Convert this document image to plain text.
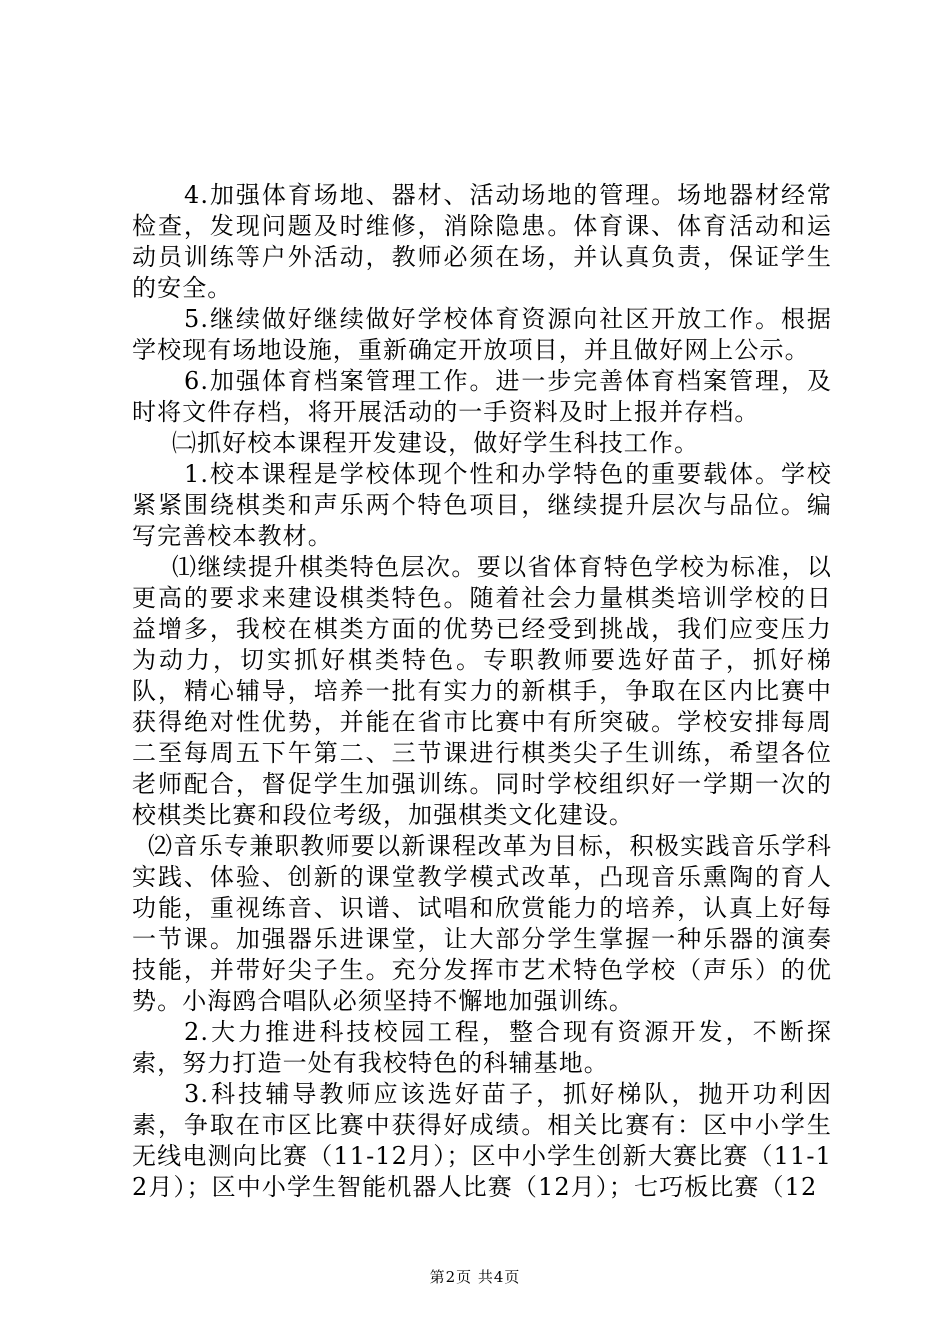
4.加强体育场地、器材、活动场地的管理。场地器材经常检查，发现问题及时维修，消除隐患。体育课、体育活动和运动员训练等户外活动，教师必须在场，并认真负责，保证学生的安全。

5.继续做好继续做好学校体育资源向社区开放工作。根据学校现有场地设施，重新确定开放项目，并且做好网上公示。

6.加强体育档案管理工作。进一步完善体育档案管理，及时将文件存档，将开展活动的一手资料及时上报并存档。

㈡抓好校本课程开发建设，做好学生科技工作。

1.校本课程是学校体现个性和办学特色的重要载体。学校紧紧围绕棋类和声乐两个特色项目，继续提升层次与品位。编写完善校本教材。

⑴继续提升棋类特色层次。要以省体育特色学校为标准，以更高的要求来建设棋类特色。随着社会力量棋类培训学校的日益增多，我校在棋类方面的优势已经受到挑战，我们应变压力为动力，切实抓好棋类特色。专职教师要选好苗子，抓好梯队，精心辅导，培养一批有实力的新棋手，争取在区内比赛中获得绝对性优势，并能在省市比赛中有所突破。学校安排每周二至每周五下午第二、三节课进行棋类尖子生训练，希望各位老师配合，督促学生加强训练。同时学校组织好一学期一次的校棋类比赛和段位考级，加强棋类文化建设。

⑵音乐专兼职教师要以新课程改革为目标，积极实践音乐学科实践、体验、创新的课堂教学模式改革，凸现音乐熏陶的育人功能，重视练音、识谱、试唱和欣赏能力的培养，认真上好每一节课。加强器乐进课堂，让大部分学生掌握一种乐器的演奏技能，并带好尖子生。充分发挥市艺术特色学校（声乐）的优势。小海鸥合唱队必须坚持不懈地加强训练。

2.大力推进科技校园工程，整合现有资源开发，不断探索，努力打造一处有我校特色的科辅基地。

3.科技辅导教师应该选好苗子，抓好梯队，抛开功利因素，争取在市区比赛中获得好成绩。相关比赛有：区中小学生无线电测向比赛（11-12月）；区中小学生创新大赛比赛（11-12月）；区中小学生智能机器人比赛（12月）；七巧板比赛（12

第2页 共4页
